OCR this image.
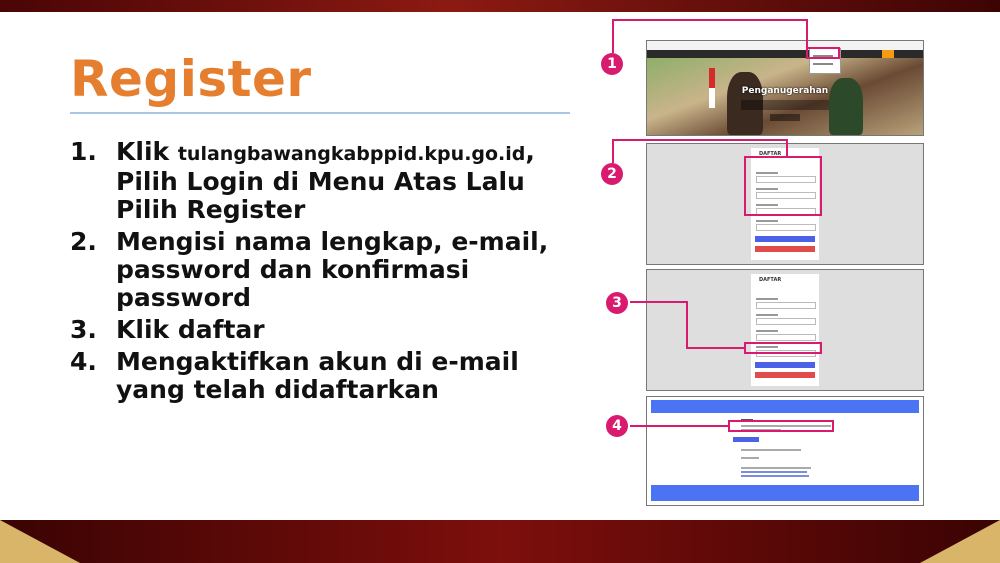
Register
1. Klik tulangbawangkabppid.kpu.go.id, Pilih Login di Menu Atas Lalu Pilih Register
2. Mengisi nama lengkap, e-mail, password dan konfirmasi password
3. Klik daftar
4. Mengaktifkan akun di e-mail yang telah didaftarkan
Penganugerahan

DAFTAR

DAFTAR

1
2
3
4
